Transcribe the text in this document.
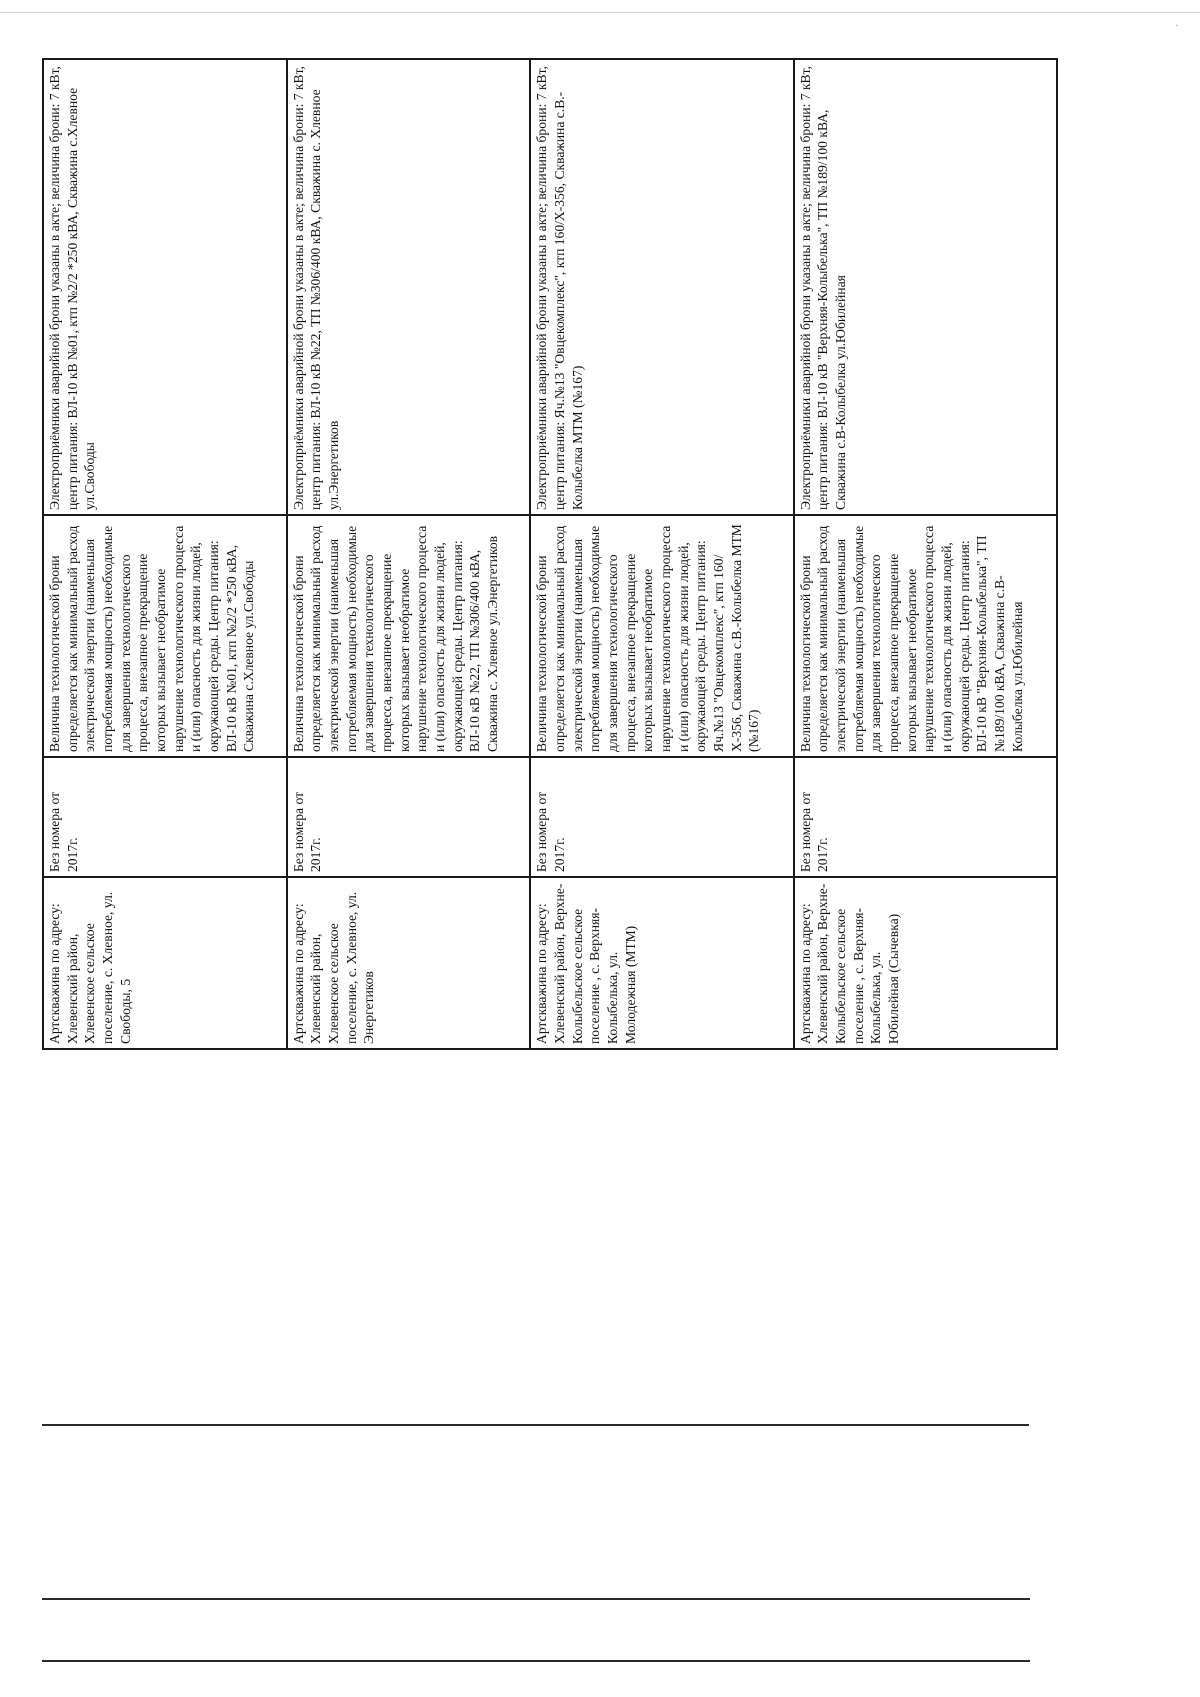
·
·
Артскважина по адресу: Хлевенский район, Хлевенское сельское поселение, с. Хлевное, ул. Свободы, 5	Без номера от 2017г.	Величина технологической брони определяется как минимальный расход электрической энергии (наименьшая потребляемая мощность) необходимые для завершения технологического процесса, внезапное прекращение которых вызывает необратимое нарушение технологического процесса и (или) опасность для жизни людей, окружающей среды. Центр питания: ВЛ-10 кВ №01, ктп №2/2 *250 кВА, Скважина с.Хлевное ул.Свободы	Электроприёмники аварийной брони указаны в акте; величина брони: 7 кВт, центр питания: ВЛ-10 кВ №01, ктп №2/2 *250 кВА, Скважина с.Хлевное ул.Свободы
Артскважина по адресу: Хлевенский район, Хлевенское сельское поселение, с. Хлевное, ул. Энергетиков	Без номера от 2017г.	Величина технологической брони определяется как минимальный расход электрической энергии (наименьшая потребляемая мощность) необходимые для завершения технологического процесса, внезапное прекращение которых вызывает необратимое нарушение технологического процесса и (или) опасность для жизни людей, окружающей среды. Центр питания: ВЛ-10 кВ №22, ТП №306/400 кВА, Скважина с. Хлевное ул.Энергетиков	Электроприёмники аварийной брони указаны в акте; величина брони: 7 кВт, центр питания: ВЛ-10 кВ №22, ТП №306/400 кВА, Скважина с. Хлевное ул.Энергетиков
Артскважина по адресу: Хлевенский район, Верхне-Колыбельское сельское поселение , с. Верхняя-Колыбелька, ул. Молодежная (МТМ)	Без номера от 2017г.	Величина технологической брони определяется как минимальный расход электрической энергии (наименьшая потребляемая мощность) необходимые для завершения технологического процесса, внезапное прекращение которых вызывает необратимое нарушение технологического процесса и (или) опасность для жизни людей, окружающей среды. Центр питания: Яч.№13 "Овцекомплекс", ктп 160/Х-356, Скважина с.В.-Колыбелка МТМ (№167)	Электроприёмники аварийной брони указаны в акте; величина брони: 7 кВт, центр питания: Яч.№13 "Овцекомплекс", ктп 160/Х-356, Скважина с.В.-Колыбелка МТМ (№167)
Артскважина по адресу: Хлевенский район, Верхне-Колыбельское сельское поселение , с. Верхняя-Колыбелька, ул. Юбилейная (Сычевка)	Без номера от 2017г.	Величина технологической брони определяется как минимальный расход электрической энергии (наименьшая потребляемая мощность) необходимые для завершения технологического процесса, внезапное прекращение которых вызывает необратимое нарушение технологического процесса и (или) опасность для жизни людей, окружающей среды. Центр питания: ВЛ-10 кВ "Верхняя-Колыбелька", ТП №189/100 кВА, Скважина с.В-Колыбелка ул.Юбилейная	Электроприёмники аварийной брони указаны в акте; величина брони: 7 кВт, центр питания: ВЛ-10 кВ "Верхняя-Колыбелька", ТП №189/100 кВА, Скважина с.В-Колыбелка ул.Юбилейная
